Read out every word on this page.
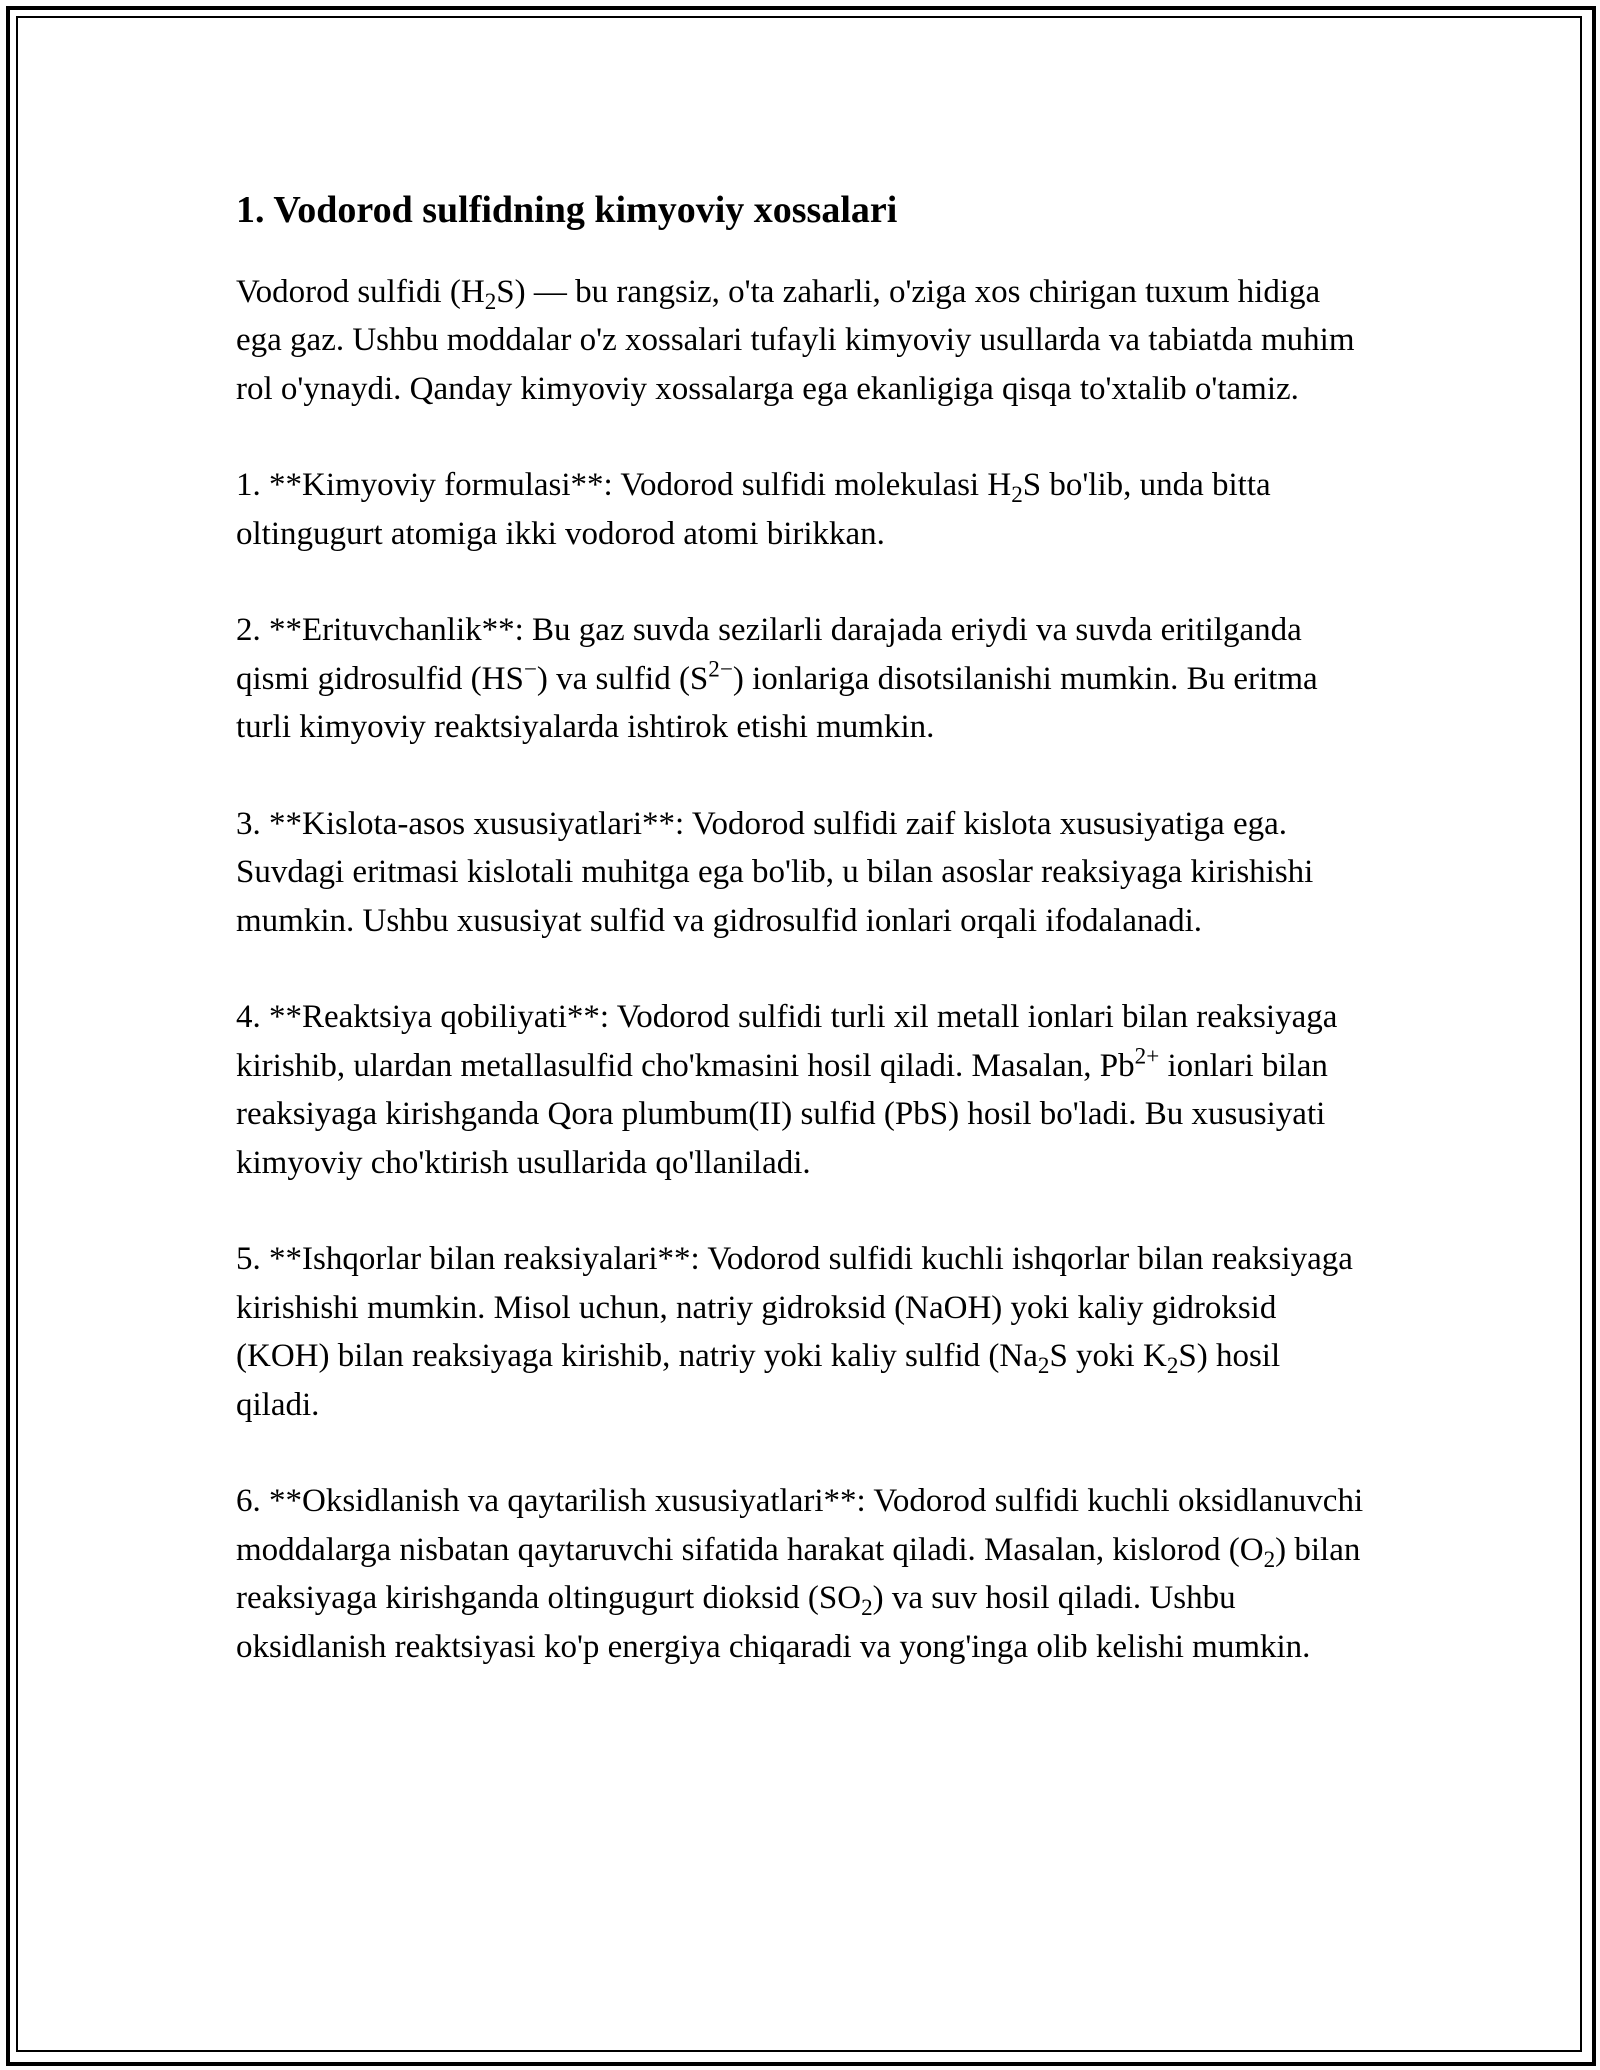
1. Vodorod sulfidning kimyoviy xossalari

Vodorod sulfidi $(H_2S)$ — bu rangsiz, o'ta zaharli, o'ziga xos chirigan tuxum hidiga ega gaz. Ushbu moddalar o'z xossalari tufayli kimyoviy usullarda va tabiatda muhim rol o'ynaydi. Qanday kimyoviy xossalarga ega ekanligiga qisqa to'xtalib o'tamiz.

1. **Kimyoviy formulasi**: Vodorod sulfidi molekulasi $H_2S$ bo'lib, unda bitta oltingugurt atomiga ikki vodorod atomi birikkan.

2. **Erituvchanlik**: Bu gaz suvda sezilarli darajada eriydi va suvda eritilganda qismi gidrosulfid (HS−) va sulfid $(S^{2-})$ ionlariga disotsilanishi mumkin. Bu eritma turli kimyoviy reaktsiyalarda ishtirok etishi mumkin.

3. **Kislota-asos xususiyatlari**: Vodorod sulfidi zaif kislota xususiyatiga ega. Suvdagi eritmasi kislotali muhitga ega bo'lib, u bilan asoslar reaksiyaga kirishishi mumkin. Ushbu xususiyat sulfid va gidrosulfid ionlari orqali ifodalanadi.

4. **Reaktsiya qobiliyati**: Vodorod sulfidi turli xil metall ionlari bilan reaksiyaga kirishib, ulardan metallasulfid cho'kmasini hosil qiladi. Masalan, $Pb^{2+}$ ionlari bilan reaksiyaga kirishganda Qora plumbum(II) sulfid (PbS) hosil bo'ladi. Bu xususiyati kimyoviy cho'ktirish usullarida qo'llaniladi.

5. **Ishqorlar bilan reaksiyalari**: Vodorod sulfidi kuchli ishqorlar bilan reaksiyaga kirishishi mumkin. Misol uchun, natriy gidroksid (NaOH) yoki kaliy gidroksid (KOH) bilan reaksiyaga kirishib, natriy yoki kaliy sulfid ($Na_2S$ yoki $K_2S$) hosil qiladi.

6. **Oksidlanish va qaytarilish xususiyatlari**: Vodorod sulfidi kuchli oksidlanuvchi moddalarga nisbatan qaytaruvchi sifatida harakat qiladi. Masalan, kislorod $(O_2)$ bilan reaksiyaga kirishganda oltingugurt dioksid $(SO_2)$ va suv hosil qiladi. Ushbu oksidlanish reaktsiyasi ko'p energiya chiqaradi va yong'inga olib kelishi mumkin.
